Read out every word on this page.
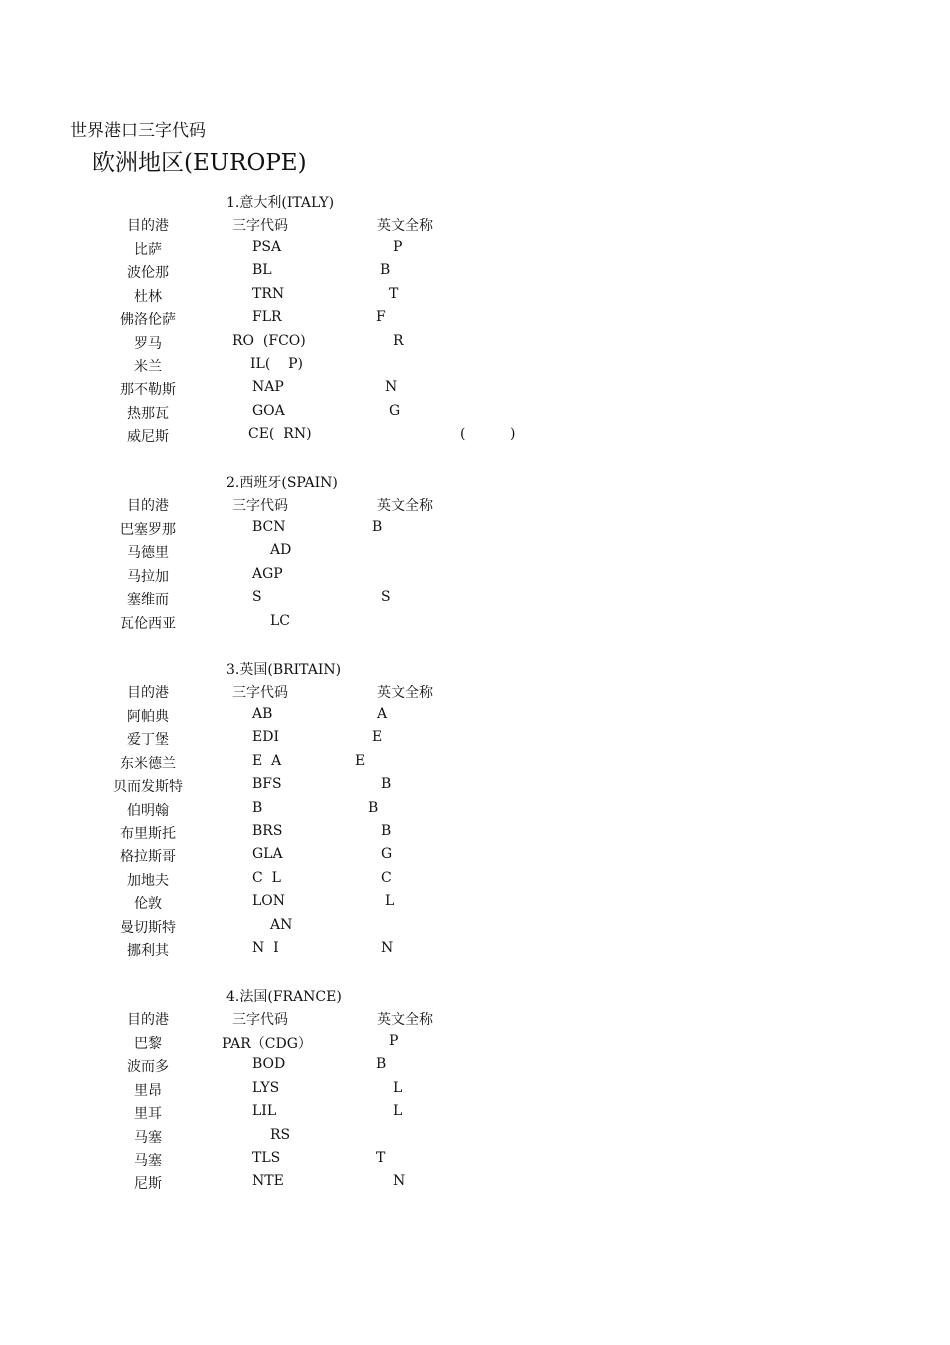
世界港口三字代码
欧洲地区(EUROPE)
1.意大利(ITALY)
目的港	三字代码	英文全称
比萨	PSA	P
波伦那	BL	B
杜林	TRN	T
佛洛伦萨	FLR	F
罗马	RO  (FCO)	R
米兰	IL(    P)
那不勒斯	NAP	N
热那瓦	GOA	G
威尼斯	CE(  RN)	(          )
2.西班牙(SPAIN)
目的港	三字代码	英文全称
巴塞罗那	BCN	B
马德里	AD
马拉加	AGP
塞维而	S	S
瓦伦西亚	LC
3.英国(BRITAIN)
目的港	三字代码	英文全称
阿帕典	AB	A
爱丁堡	EDI	E
东米德兰	E  A	E
贝而发斯特	BFS	B
伯明翰	B	B
布里斯托	BRS	B
格拉斯哥	GLA	G
加地夫	C  L	C
伦敦	LON	L
曼切斯特	AN
挪利其	N  I	N
4.法国(FRANCE)
目的港	三字代码	英文全称
巴黎	PAR（CDG）	P
波而多	BOD	B
里昂	LYS	L
里耳	LIL	L
马塞	RS
马塞	TLS	T
尼斯	NTE	N
